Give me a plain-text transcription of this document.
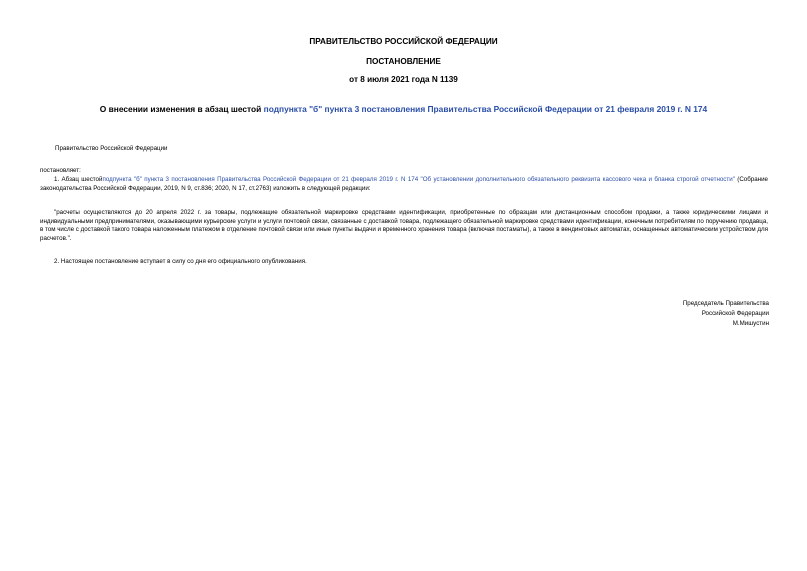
ПРАВИТЕЛЬСТВО РОССИЙСКОЙ ФЕДЕРАЦИИ
ПОСТАНОВЛЕНИЕ
от 8 июля 2021 года N 1139
О внесении изменения в абзац шестой подпункта "б" пункта 3 постановления Правительства Российской Федерации от 21 февраля 2019 г. N 174
Правительство Российской Федерации
постановляет:
1. Абзац шестойподпункта "б" пункта 3 постановления Правительства Российской Федерации от 21 февраля 2019 г. N 174 "Об установлении дополнительного обязательного реквизита кассового чека и бланка строгой отчетности" (Собрание законодательства Российской Федерации, 2019, N 9, ст.836; 2020, N 17, ст.2763) изложить в следующей редакции:
"расчеты осуществляются до 20 апреля 2022 г. за товары, подлежащие обязательной маркировке средствами идентификации, приобретенные по образцам или дистанционным способом продажи, а также юридическими лицами и индивидуальными предпринимателями, оказывающими курьерские услуги и услуги почтовой связи, связанные с доставкой товара, подлежащего обязательной маркировке средствами идентификации, конечным потребителям по поручению продавца, в том числе с доставкой такого товара наложенным платежом в отделение почтовой связи или иные пункты выдачи и временного хранения товара (включая постаматы), а также в вендинговых автоматах, оснащенных автоматическим устройством для расчетов.".
2. Настоящее постановление вступает в силу со дня его официального опубликования.
Председатель Правительства
Российской Федерации
М.Мишустин
